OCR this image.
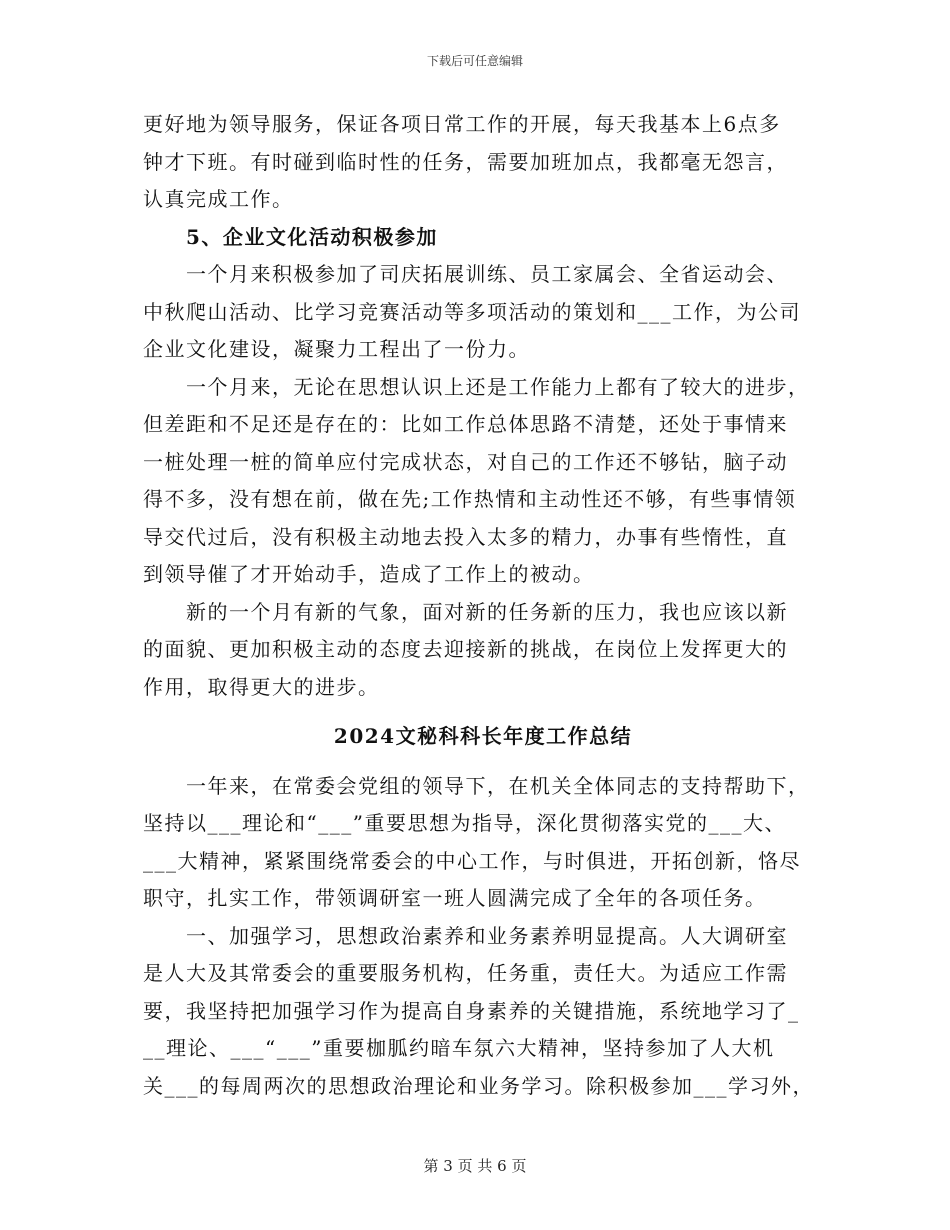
下载后可任意编辑
更好地为领导服务，保证各项日常工作的开展，每天我基本上6点多
钟才下班。有时碰到临时性的任务，需要加班加点，我都毫无怨言，
认真完成工作。
5、企业文化活动积极参加
一个月来积极参加了司庆拓展训练、员工家属会、全省运动会、
中秋爬山活动、比学习竞赛活动等多项活动的策划和___工作，为公司
企业文化建设，凝聚力工程出了一份力。
一个月来，无论在思想认识上还是工作能力上都有了较大的进步，
但差距和不足还是存在的：比如工作总体思路不清楚，还处于事情来
一桩处理一桩的简单应付完成状态，对自己的工作还不够钻，脑子动
得不多，没有想在前，做在先;工作热情和主动性还不够，有些事情领
导交代过后，没有积极主动地去投入太多的精力，办事有些惰性，直
到领导催了才开始动手，造成了工作上的被动。
新的一个月有新的气象，面对新的任务新的压力，我也应该以新
的面貌、更加积极主动的态度去迎接新的挑战，在岗位上发挥更大的
作用，取得更大的进步。
2024文秘科科长年度工作总结
一年来，在常委会党组的领导下，在机关全体同志的支持帮助下，
坚持以___理论和“___”重要思想为指导，深化贯彻落实党的___大、
___大精神，紧紧围绕常委会的中心工作，与时俱进，开拓创新，恪尽
职守，扎实工作，带领调研室一班人圆满完成了全年的各项任务。
一、加强学习，思想政治素养和业务素养明显提高。人大调研室
是人大及其常委会的重要服务机构，任务重，责任大。为适应工作需
要，我坚持把加强学习作为提高自身素养的关键措施，系统地学习了_
__理论、___“___”重要枷胍约暗车氛六大精神，坚持参加了人大机
关___的每周两次的思想政治理论和业务学习。除积极参加___学习外，
第 3 页 共 6 页
